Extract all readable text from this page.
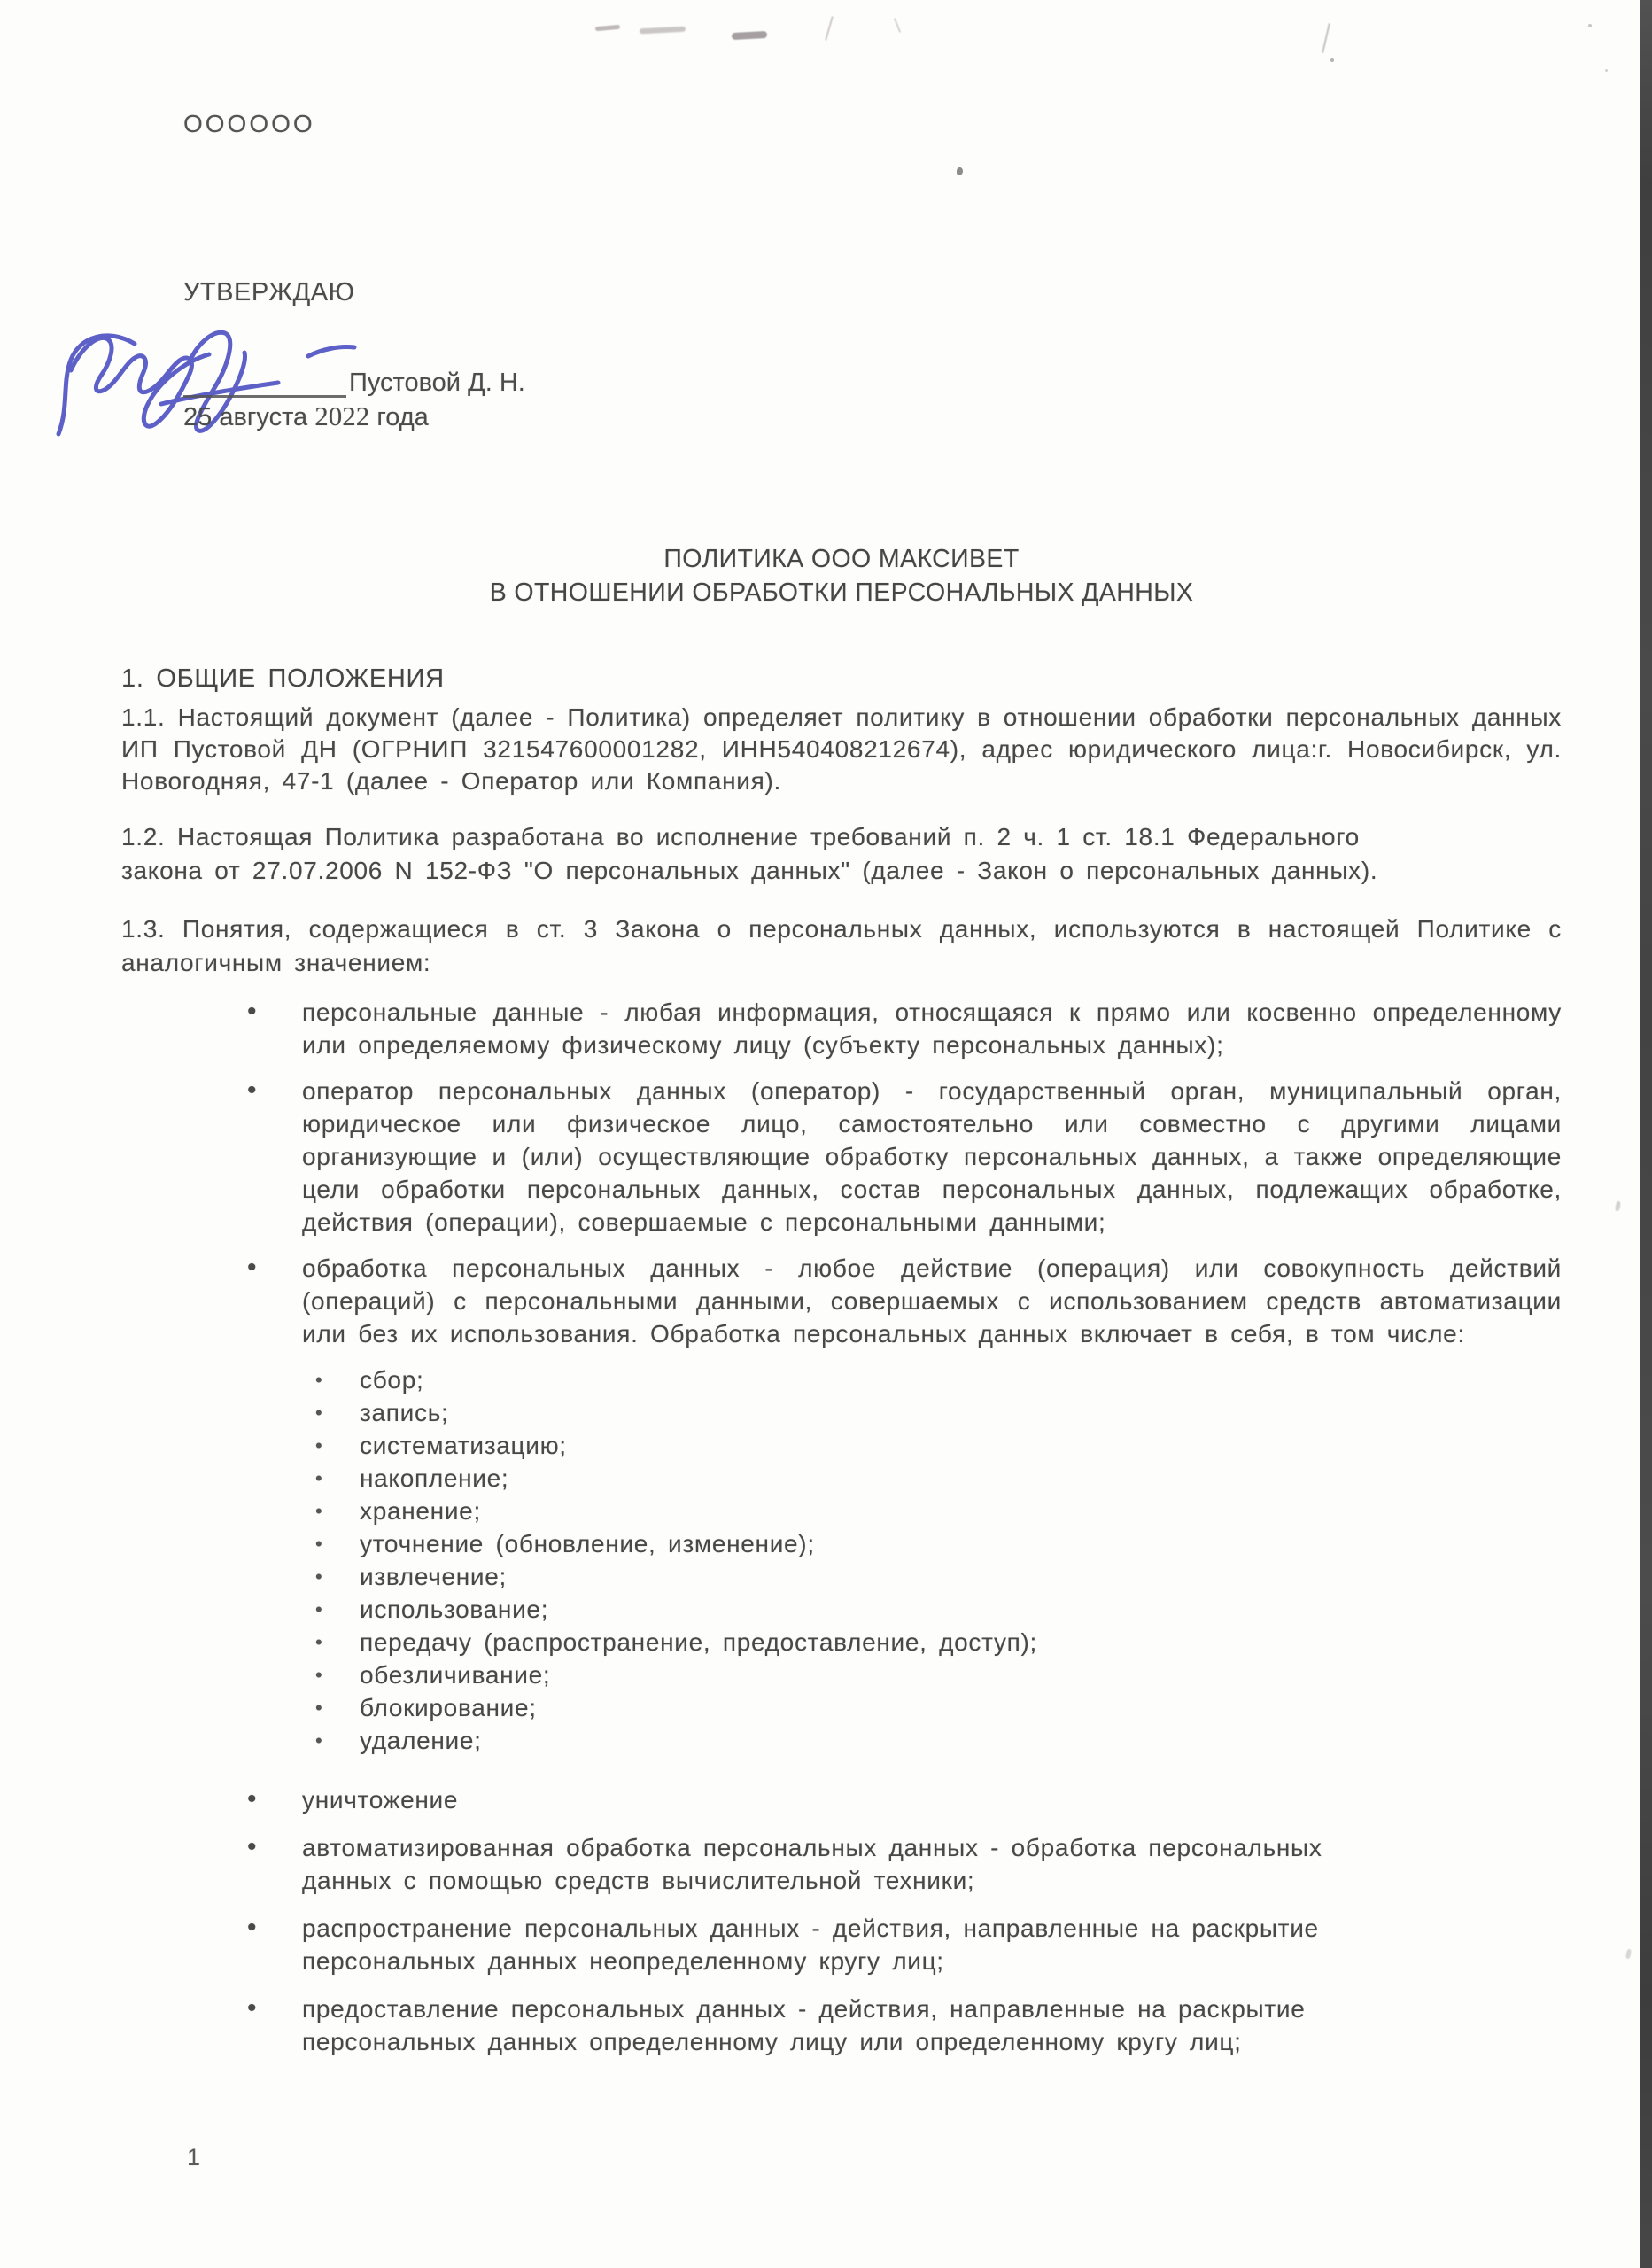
ОООООО
УТВЕРЖДАЮ
Пустовой Д. Н.
25 августа 2022 года
ПОЛИТИКА ООО МАКСИВЕТ
В ОТНОШЕНИИ ОБРАБОТКИ ПЕРСОНАЛЬНЫХ ДАННЫХ
1. ОБЩИЕ ПОЛОЖЕНИЯ

1.1. Настоящий документ (далее - Политика) определяет политику в отношении обработки персональных данных ИП Пустовой ДН (ОГРНИП 321547600001282, ИНН540408212674), адрес юридического лица:г. Новосибирск, ул. Новогодняя, 47-1 (далее - Оператор или Компания).

1.2. Настоящая Политика разработана во исполнение требований п. 2 ч. 1 ст. 18.1 Федерального закона от 27.07.2006 N 152-ФЗ "О персональных данных" (далее - Закон о персональных данных).

1.3. Понятия, содержащиеся в ст. 3 Закона о персональных данных, используются в настоящей Политике с аналогичным значением:

• персональные данные - любая информация, относящаяся к прямо или косвенно определенному или определяемому физическому лицу (субъекту персональных данных);
• оператор персональных данных (оператор) - государственный орган, муниципальный орган, юридическое или физическое лицо, самостоятельно или совместно с другими лицами организующие и (или) осуществляющие обработку персональных данных, а также определяющие цели обработки персональных данных, состав персональных данных, подлежащих обработке, действия (операции), совершаемые с персональными данными;
• обработка персональных данных - любое действие (операция) или совокупность действий (операций) с персональными данными, совершаемых с использованием средств автоматизации или без их использования. Обработка персональных данных включает в себя, в том числе:
• сбор;
• запись;
• систематизацию;
• накопление;
• хранение;
• уточнение (обновление, изменение);
• извлечение;
• использование;
• передачу (распространение, предоставление, доступ);
• обезличивание;
• блокирование;
• удаление;
• уничтожение
• автоматизированная обработка персональных данных - обработка персональных данных с помощью средств вычислительной техники;
• распространение персональных данных - действия, направленные на раскрытие персональных данных неопределенному кругу лиц;
• предоставление персональных данных - действия, направленные на раскрытие персональных данных определенному лицу или определенному кругу лиц;
1
